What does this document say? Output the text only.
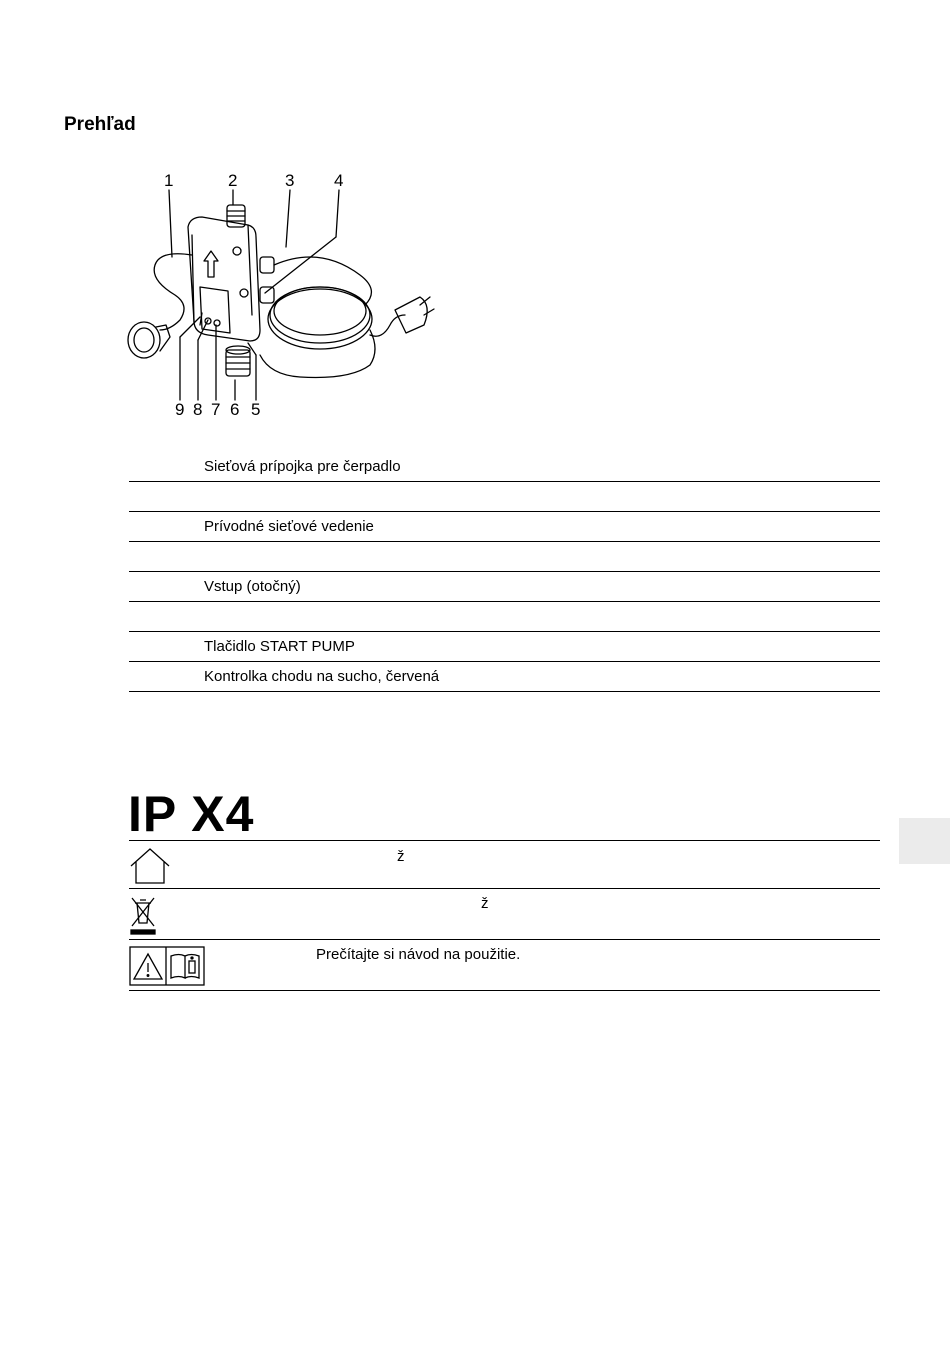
Prehľad
1	2	3 4
9 8 7 6 5
	Sieťová prípojka pre čerpadlo

	Prívodné sieťové vedenie

	Vstup (otočný)

	Tlačidlo START PUMP
	Kontrolka chodu na sucho, červená
IP X4
ž
ž
Prečítajte si návod na použitie.
